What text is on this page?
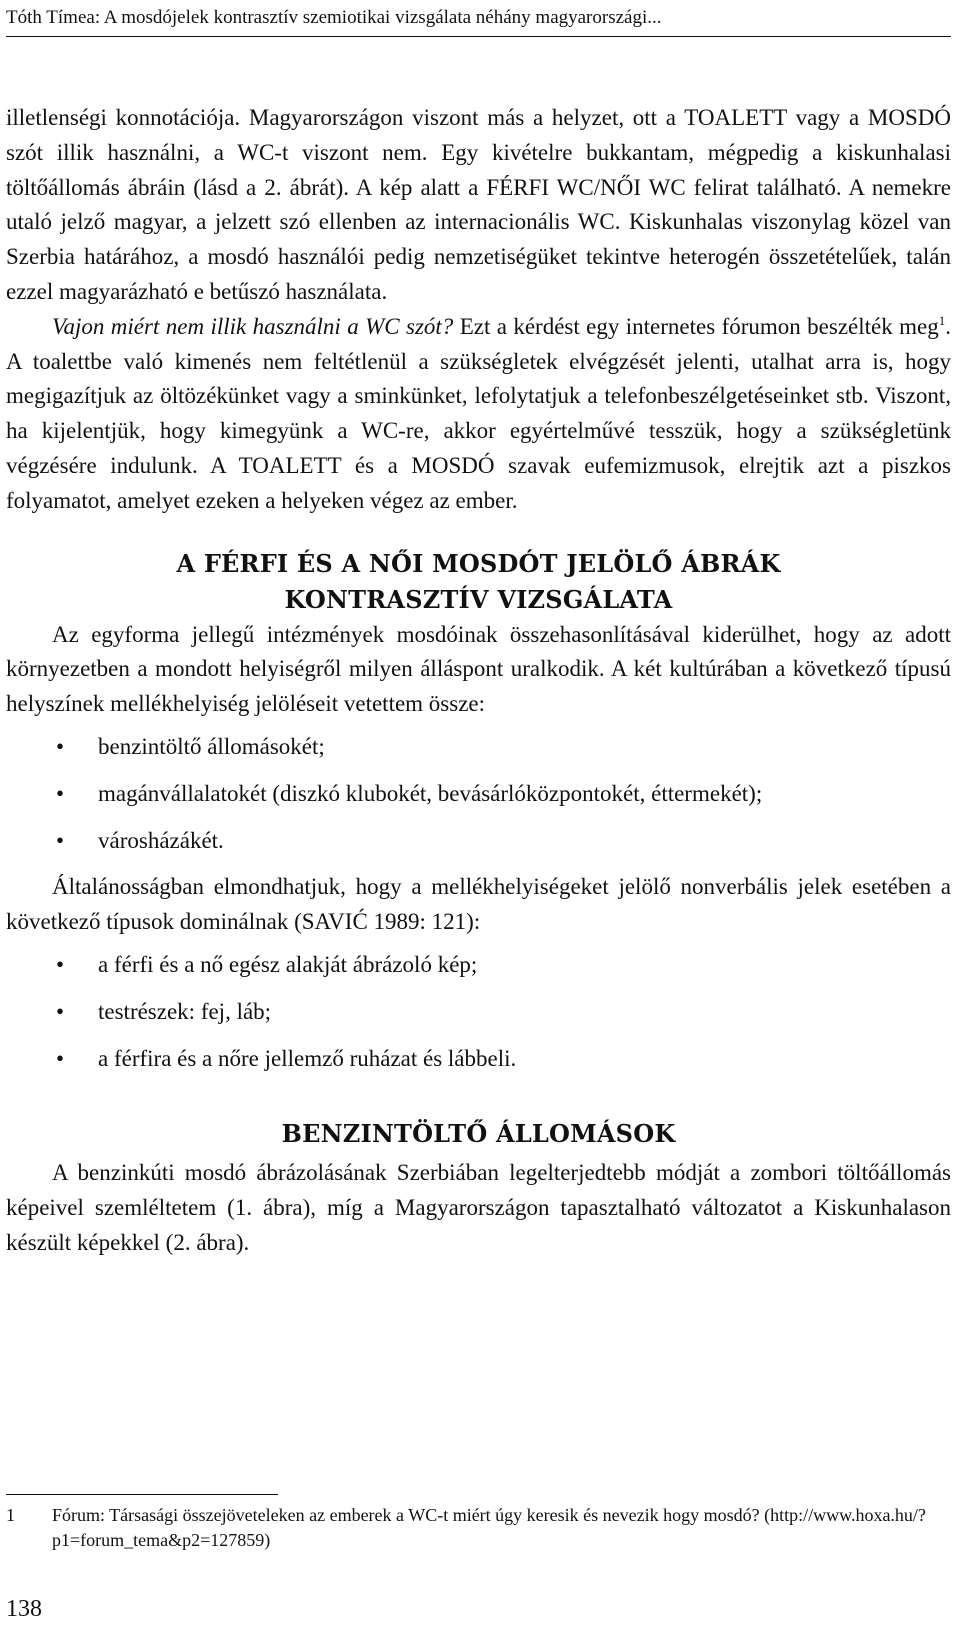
Tóth Tímea: A mosdójelek kontrasztív szemiotikai vizsgálata néhány magyarországi...

illetlenségi konnotációja. Magyarországon viszont más a helyzet, ott a TOALETT vagy a MOSDÓ szót illik használni, a WC-t viszont nem. Egy kivételre bukkantam, mégpedig a kiskunhalasi töltőállomás ábráin (lásd a 2. ábrát). A kép alatt a FÉRFI WC/NŐI WC felirat található. A nemekre utaló jelző magyar, a jelzett szó ellenben az internacionális WC. Kiskunhalas viszonylag közel van Szerbia határához, a mosdó használói pedig nemzetiségüket tekintve heterogén összetételűek, talán ezzel magyarázható e betűszó használata.

Vajon miért nem illik használni a WC szót? Ezt a kérdést egy internetes fórumon beszélték meg$^1$. A toalettbe való kimenés nem feltétlenül a szükségletek elvégzését jelenti, utalhat arra is, hogy megigazítjuk az öltözékünket vagy a sminkünket, lefolytatjuk a telefonbeszélgetéseinket stb. Viszont, ha kijelentjük, hogy kimegyünk a WC-re, akkor egyértelművé tesszük, hogy a szükségletünk végzésére indulunk. A TOALETT és a MOSDÓ szavak eufemizmusok, elrejtik azt a piszkos folyamatot, amelyet ezeken a helyeken végez az ember.

A FÉRFI ÉS A NŐI MOSDÓT JELÖLŐ ÁBRÁK
KONTRASZTÍV VIZSGÁLATA

Az egyforma jellegű intézmények mosdóinak összehasonlításával kiderülhet, hogy az adott környezetben a mondott helyiségről milyen álláspont uralkodik. A két kultúrában a következő típusú helyszínek mellékhelyiség jelöléseit vetettem össze:

• benzintöltő állomásokét;
• magánvállalatokét (diszkó klubokét, bevásárlóközpontokét, éttermekét);
• városházákét.

Általánosságban elmondhatjuk, hogy a mellékhelyiségeket jelölő nonverbális jelek esetében a következő típusok dominálnak (SAVIĆ 1989: 121):

• a férfi és a nő egész alakját ábrázoló kép;
• testrészek: fej, láb;
• a férfira és a nőre jellemző ruházat és lábbeli.
BENZINTÖLTŐ ÁLLOMÁSOK

A benzinkúti mosdó ábrázolásának Szerbiában legelterjedtebb módját a zombori töltőállomás képeivel szemléltetem (1. ábra), míg a Magyarországon tapasztalható változatot a Kiskunhalason készült képekkel (2. ábra).

1 Fórum: Társasági összejöveteleken az emberek a WC-t miért úgy keresik és nevezik hogy mosdó? (http://www.hoxa.hu/?p1=forum_tema&p2=127859)
138
